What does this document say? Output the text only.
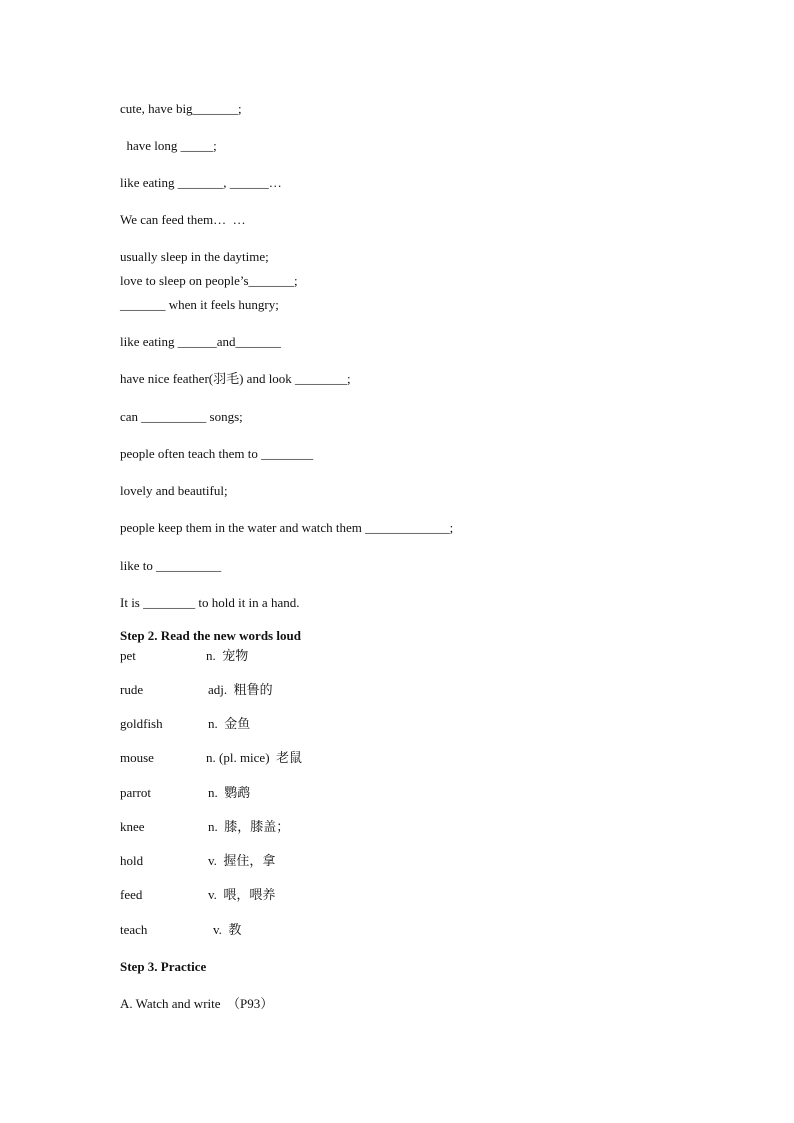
cute, have big_______;
have long _____;
like eating _______, ______…
We can feed them…  …
usually sleep in the daytime;
love to sleep on people’s_______;
_______ when it feels hungry;
like eating ______and_______
have nice feather(羽毛) and look ________;
can __________ songs;
people often teach them to ________
lovely and beautiful;
people keep them in the water and watch them _____________;
like to __________
It is ________ to hold it in a hand.
Step 2. Read the new words loud
pet	n.  宠物
rude	adj.  粗鲁的
goldfish	n.  金鱼
mouse	n. (pl. mice)  老鼠
parrot	n.  鹦鹉
knee	n.  膝，膝盖；
hold	v.  握住，拿
feed	v.  喂，喂养
teach	v.  教
Step 3. Practice
A. Watch and write  （P93）
